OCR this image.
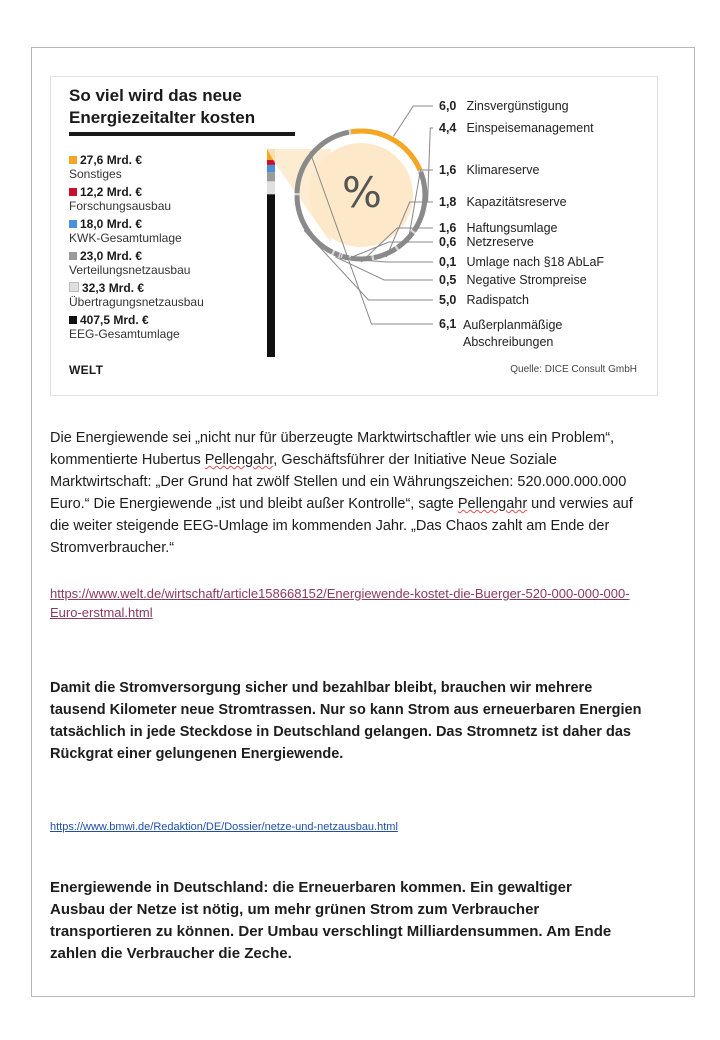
So viel wird das neue
Energiezeitalter kosten
27,6 Mrd. €
Sonstiges
12,2 Mrd. €
Forschungsausbau
18,0 Mrd. €
KWK-Gesamtumlage
23,0 Mrd. €
Verteilungsnetzausbau
32,3 Mrd. €
Übertragungsnetzausbau
407,5 Mrd. €
EEG-Gesamtumlage
%
6,0 Zinsvergünstigung
4,4 Einspeisemanagement
1,6 Klimareserve
1,8 Kapazitätsreserve
1,6 Haftungsumlage
0,6 Netzreserve
0,1 Umlage nach §18 AbLaF
0,5 Negative Strompreise
5,0 Radispatch
6,1Außerplanmäßige Abschreibungen
WELT	Quelle: DICE Consult GmbH
Die Energiewende sei „nicht nur für überzeugte Marktwirtschaftler wie uns ein Problem“, kommentierte Hubertus Pellengahr, Geschäftsführer der Initiative Neue Soziale Marktwirtschaft: „Der Grund hat zwölf Stellen und ein Währungszeichen: 520.000.000.000 Euro.“ Die Energiewende „ist und bleibt außer Kontrolle“, sagte Pellengahr und verwies auf die weiter steigende EEG-Umlage im kommenden Jahr. „Das Chaos zahlt am Ende der Stromverbraucher.“
https://www.welt.de/wirtschaft/article158668152/Energiewende-kostet-die-Buerger-520-000-000-000-Euro-erstmal.html
Damit die Stromversorgung sicher und bezahlbar bleibt, brauchen wir mehrere tausend Kilometer neue Stromtrassen. Nur so kann Strom aus erneuerbaren Energien tatsächlich in jede Steckdose in Deutschland gelangen. Das Stromnetz ist daher das Rückgrat einer gelungenen Energiewende.
https://www.bmwi.de/Redaktion/DE/Dossier/netze-und-netzausbau.html
Energiewende in Deutschland: die Erneuerbaren kommen. Ein gewaltiger Ausbau der Netze ist nötig, um mehr grünen Strom zum Verbraucher transportieren zu können. Der Umbau verschlingt Milliardensummen. Am Ende zahlen die Verbraucher die Zeche.
